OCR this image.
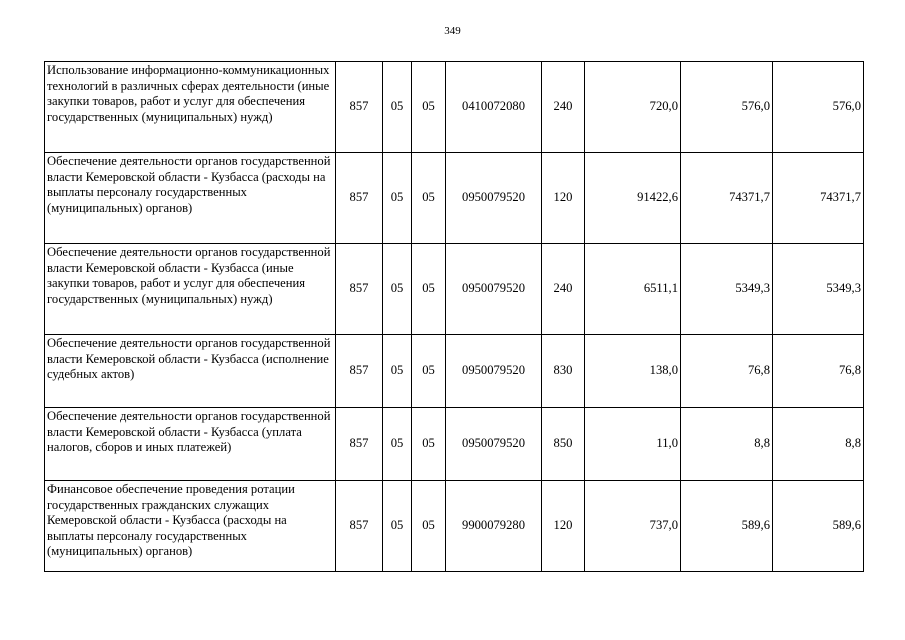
349
Использование информационно-коммуникационных технологий в различных сферах деятельности (иные закупки товаров, работ и услуг для обеспечения государственных (муниципальных) нужд)	857	05	05	0410072080	240	720,0	576,0	576,0
Обеспечение деятельности органов государственной власти Кемеровской области - Кузбасса (расходы на выплаты персоналу государственных (муниципальных) органов)	857	05	05	0950079520	120	91422,6	74371,7	74371,7
Обеспечение деятельности органов государственной власти Кемеровской области - Кузбасса (иные закупки товаров, работ и услуг для обеспечения государственных (муниципальных) нужд)	857	05	05	0950079520	240	6511,1	5349,3	5349,3
Обеспечение деятельности органов государственной власти Кемеровской области - Кузбасса (исполнение судебных актов)	857	05	05	0950079520	830	138,0	76,8	76,8
Обеспечение деятельности органов государственной власти Кемеровской области - Кузбасса (уплата налогов, сборов и иных платежей)	857	05	05	0950079520	850	11,0	8,8	8,8
Финансовое обеспечение проведения ротации государственных гражданских служащих Кемеровской области - Кузбасса (расходы на выплаты персоналу государственных (муниципальных) органов)	857	05	05	9900079280	120	737,0	589,6	589,6
